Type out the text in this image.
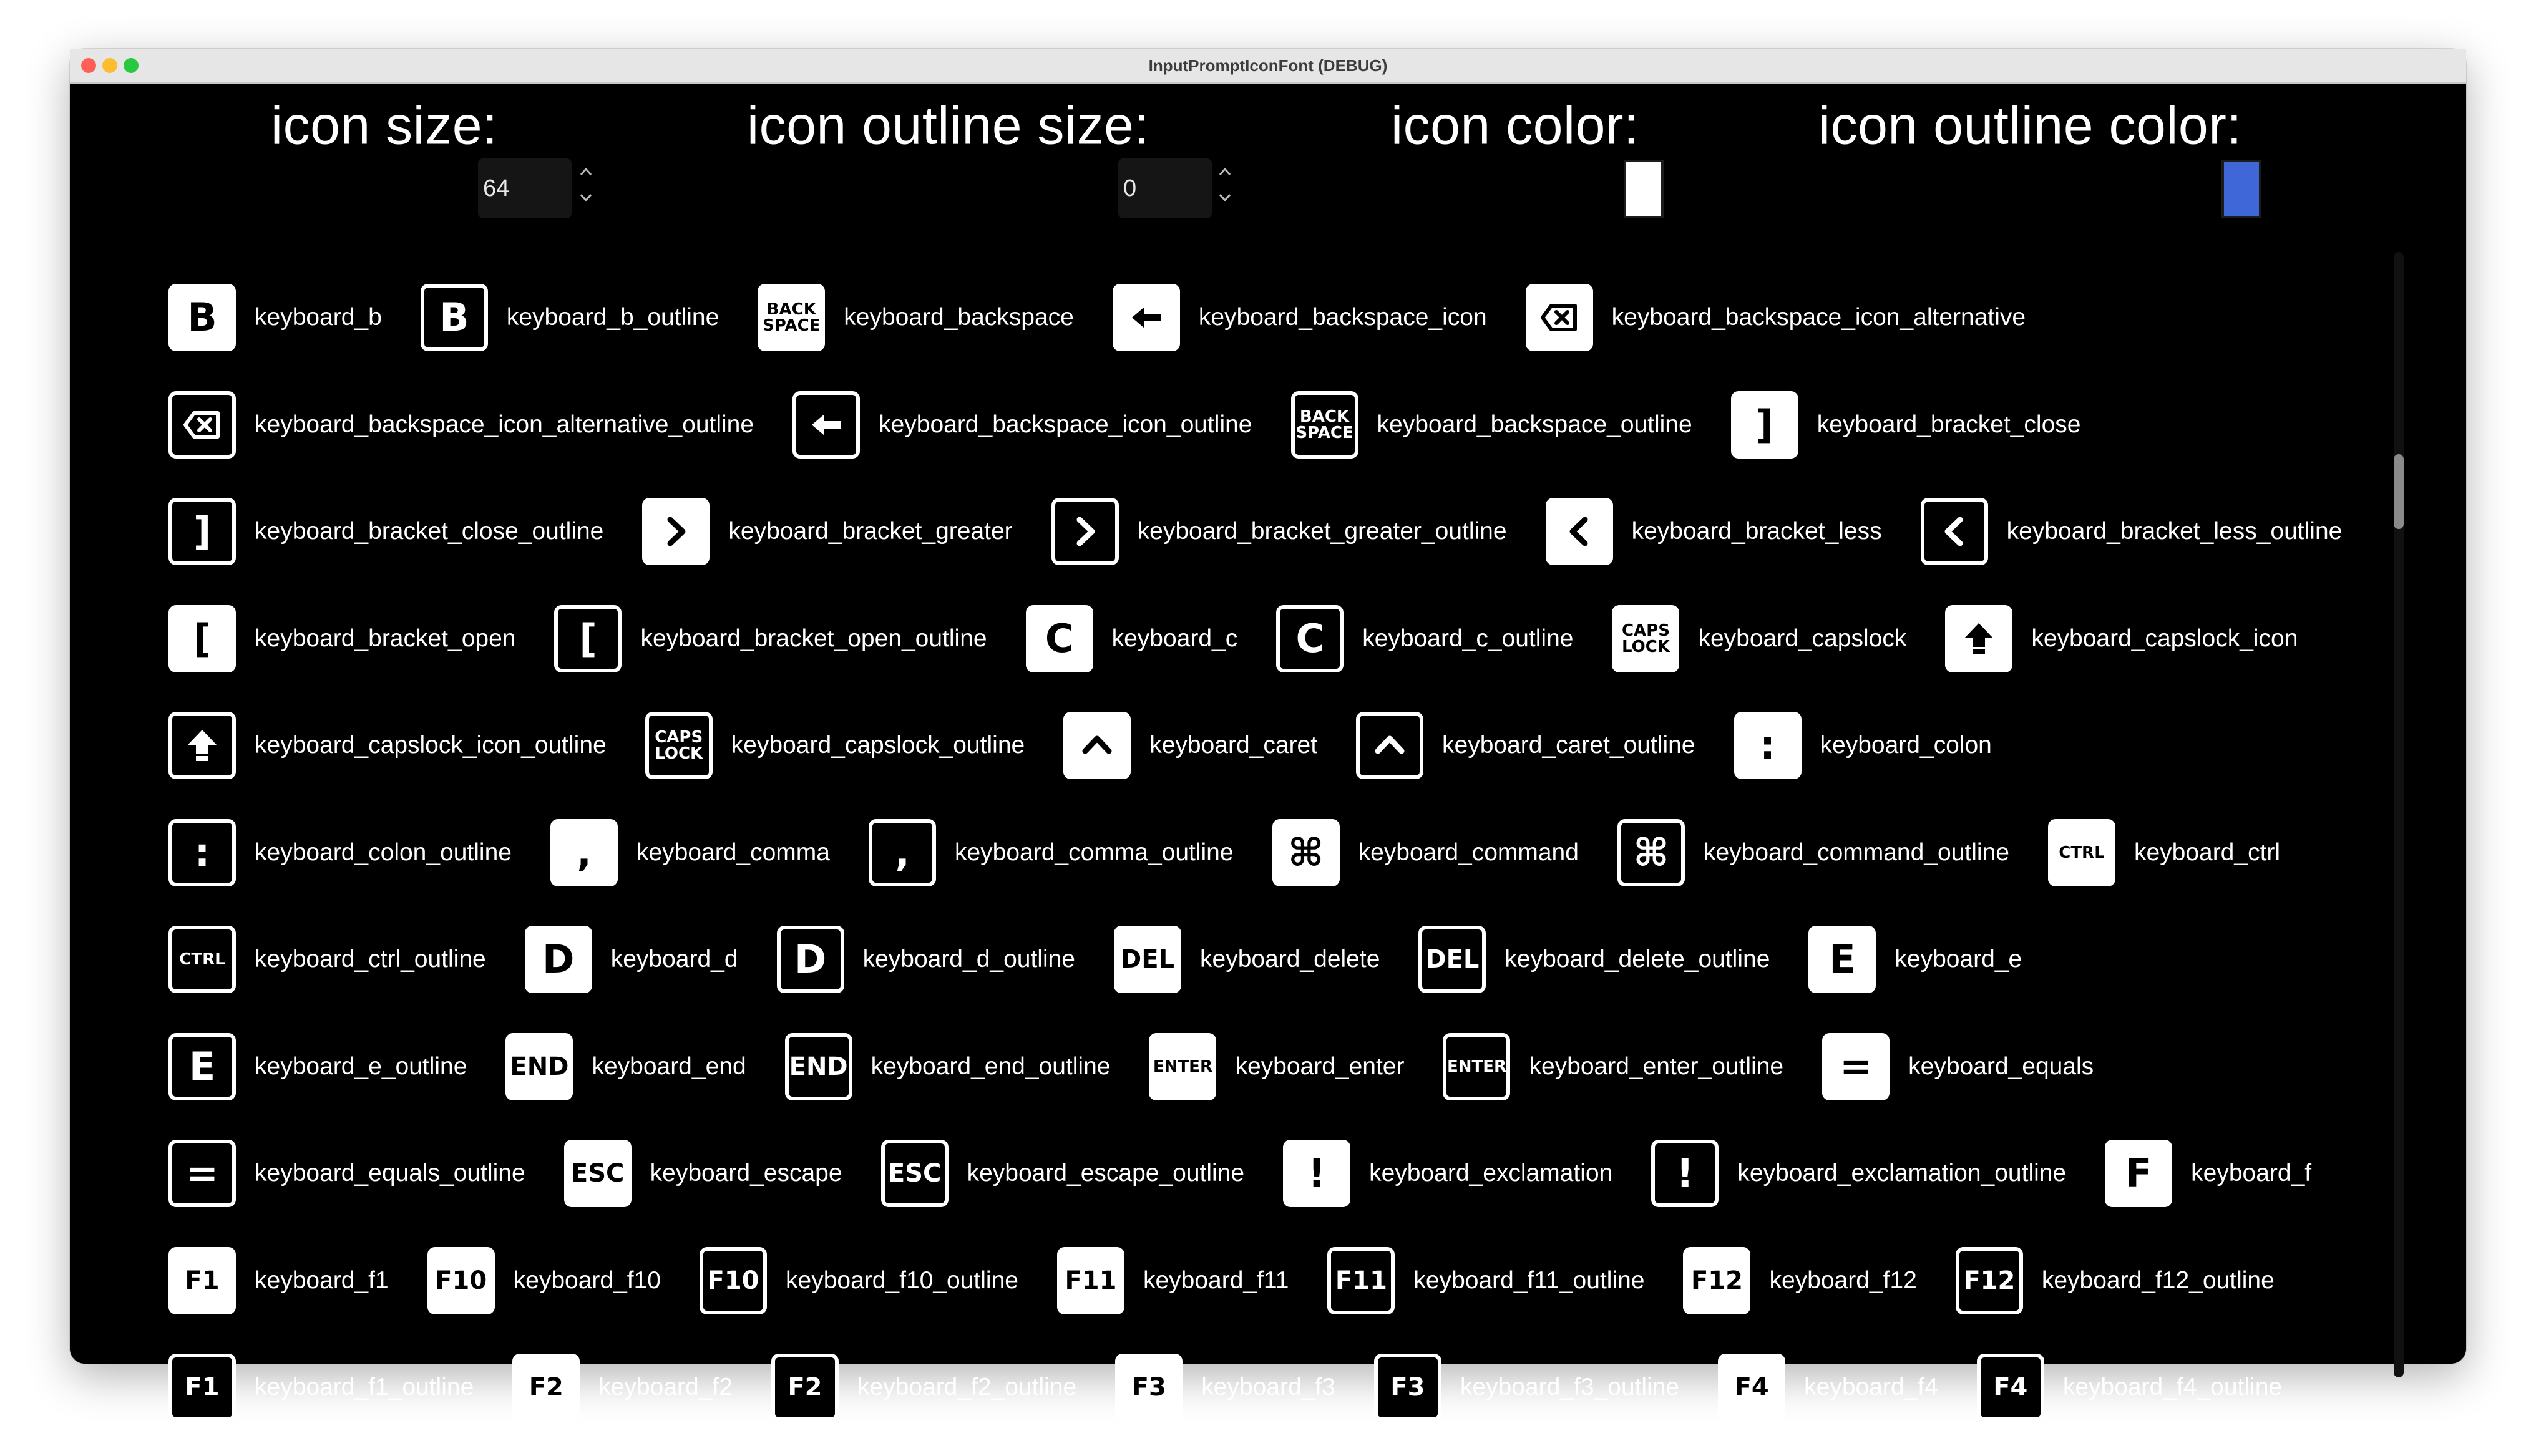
InputPromptIconFont (DEBUG)
icon size:
64
icon outline size:
0
icon color:	icon outline color:
B	keyboard_b	B	keyboard_b_outline	BACK SPACE keyboard_backspace	keyboard_backspace_icon	keyboard_backspace_icon_alternative
keyboard_backspace_icon_alternative_outline	keyboard_backspace_icon_outline	BACK SPACE keyboard_backspace_outline	]	keyboard_bracket_close
]	keyboard_bracket_close_outline	keyboard_bracket_greater	keyboard_bracket_greater_outline	keyboard_bracket_less	keyboard_bracket_less_outline
[	keyboard_bracket_open	[	keyboard_bracket_open_outline	C	keyboard_c	C	keyboard_c_outline	CAPS LOCK	keyboard_capslock	keyboard_capslock_icon
keyboard_capslock_icon_outline	CAPS LOCK	keyboard_capslock_outline	keyboard_caret	keyboard_caret_outline	:	keyboard_colon
:	keyboard_colon_outline	,	keyboard_comma	,	keyboard_comma_outline	⌘	keyboard_command	⌘	keyboard_command_outline	CTRL	keyboard_ctrl
CTRL	keyboard_ctrl_outline	D	keyboard_d	D	keyboard_d_outline DEL keyboard_delete DEL keyboard_delete_outline	E	keyboard_e
E	keyboard_e_outline END keyboard_end END keyboard_end_outline	ENTER keyboard_enter	ENTER keyboard_enter_outline	=	keyboard_equals
=	keyboard_equals_outline ESC keyboard_escape ESC keyboard_escape_outline	!	keyboard_exclamation	!	keyboard_exclamation_outline	F	keyboard_f
F1	keyboard_f1	F10	keyboard_f10	F10	keyboard_f10_outline	F11	keyboard_f11	F11	keyboard_f11_outline	F12	keyboard_f12	F12	keyboard_f12_outline
F1	keyboard_f1_outline	F2	keyboard_f2	F2	keyboard_f2_outline	F3	keyboard_f3	F3	keyboard_f3_outline	F4	keyboard_f4	F4	keyboard_f4_outline
